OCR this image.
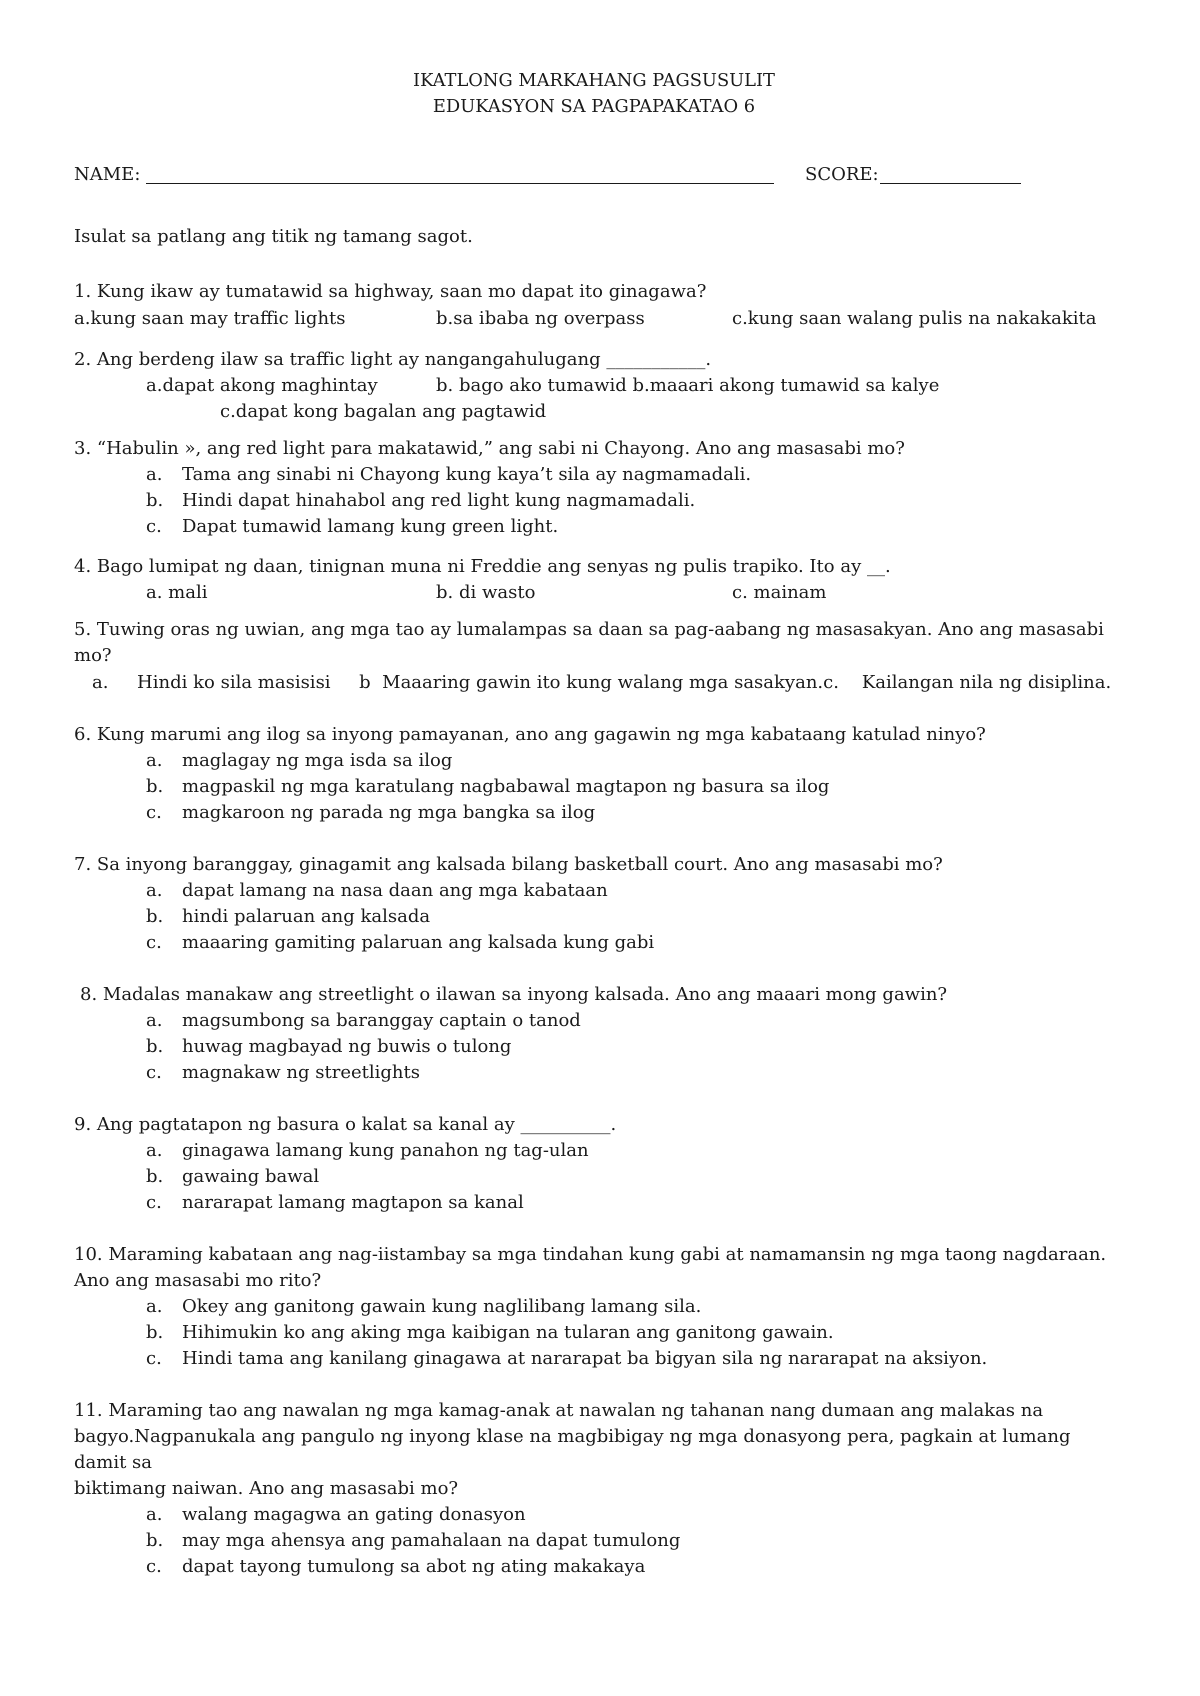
IKATLONG MARKAHANG PAGSUSULIT
EDUKASYON SA PAGPAPAKATAO 6
NAME:	SCORE:
Isulat sa patlang ang titik ng tamang sagot.
1. Kung ikaw ay tumatawid sa highway, saan mo dapat ito ginagawa?
a.kung saan may traffic lights	b.sa ibaba ng overpass	c.kung saan walang pulis na nakakakita
2. Ang berdeng ilaw sa traffic light ay nangangahulugang ___________.
a.dapat akong maghintay	b. bago ako tumawid b.maaari akong tumawid sa kalye
c.dapat kong bagalan ang pagtawid
3. “Habulin », ang red light para makatawid,” ang sabi ni Chayong. Ano ang masasabi mo?
a. Tama ang sinabi ni Chayong kung kaya’t sila ay nagmamadali.
b. Hindi dapat hinahabol ang red light kung nagmamadali.
c. Dapat tumawid lamang kung green light.
4. Bago lumipat ng daan, tinignan muna ni Freddie ang senyas ng pulis trapiko. Ito ay __.
a. mali	b. di wasto	c. mainam
5. Tuwing oras ng uwian, ang mga tao ay lumalampas sa daan sa pag-aabang ng masasakyan. Ano ang masasabi
mo?
a.     Hindi ko sila masisisi     b  Maaaring gawin ito kung walang mga sasakyan.c.    Kailangan nila ng disiplina.
6. Kung marumi ang ilog sa inyong pamayanan, ano ang gagawin ng mga kabataang katulad ninyo?
a. maglagay ng mga isda sa ilog
b. magpaskil ng mga karatulang nagbabawal magtapon ng basura sa ilog
c. magkaroon ng parada ng mga bangka sa ilog
7. Sa inyong baranggay, ginagamit ang kalsada bilang basketball court. Ano ang masasabi mo?
a. dapat lamang na nasa daan ang mga kabataan
b. hindi palaruan ang kalsada
c. maaaring gamiting palaruan ang kalsada kung gabi
8. Madalas manakaw ang streetlight o ilawan sa inyong kalsada. Ano ang maaari mong gawin?
a. magsumbong sa baranggay captain o tanod
b. huwag magbayad ng buwis o tulong
c. magnakaw ng streetlights
9. Ang pagtatapon ng basura o kalat sa kanal ay __________.
a. ginagawa lamang kung panahon ng tag-ulan
b. gawaing bawal
c. nararapat lamang magtapon sa kanal
10. Maraming kabataan ang nag-iistambay sa mga tindahan kung gabi at namamansin ng mga taong nagdaraan.
Ano ang masasabi mo rito?
a. Okey ang ganitong gawain kung naglilibang lamang sila.
b. Hihimukin ko ang aking mga kaibigan na tularan ang ganitong gawain.
c. Hindi tama ang kanilang ginagawa at nararapat ba bigyan sila ng nararapat na aksiyon.
11. Maraming tao ang nawalan ng mga kamag-anak at nawalan ng tahanan nang dumaan ang malakas na
bagyo.Nagpanukala ang pangulo ng inyong klase na magbibigay ng mga donasyong pera, pagkain at lumang
damit sa
biktimang naiwan. Ano ang masasabi mo?
a. walang magagwa an gating donasyon
b. may mga ahensya ang pamahalaan na dapat tumulong
c. dapat tayong tumulong sa abot ng ating makakaya
